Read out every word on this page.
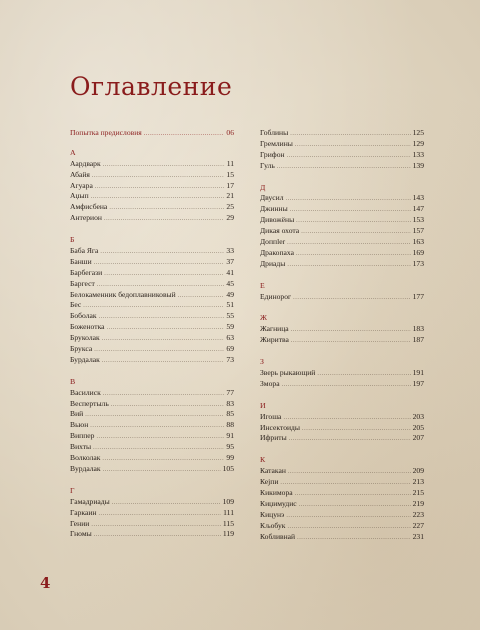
Оглавление
Попытка предисловия .....	06
А
Аардварк .....	11
Абайя .....	15
Агуара .....	17
Аџып .....	21
Амфисбена .....	25
Антерион .....	29
Б
Баба Яга .....	33
Банши .....	37
Барбегази .....	41
Баргест .....	45
Белокаменник бедоплавниковый .....	49
Бес .....	51
Бобол​ак .....	55
Боженотка .....	59
Брукол​ак .....	63
Брукса .....	69
Бурдал​ак .....	73
В
Василиск .....	77
Веспертыль .....	83
Вий .....	85
Вьюн .....	88
Виппер .....	91
Вихты .....	95
Волкол​ак .....	99
Вурдал​ак .....	105
Г
Гамадриады .....	109
Гаркаин .....	111
Гении .....	115
Гномы .....	119
Гоблины .....	125
Гремлины .....	129
Грифон .....	133
Гуль .....	139
Д
Двусил .....	143
Джинны .....	147
Дивожёны .....	153
Дикая охота .....	157
Доппler .....	163
Дракопаха .....	169
Дриады .....	173
Е
Единорог .....	177
Ж
Жагница .....	183
Жиритва .....	187
З
Зверь рыкающий .....	191
Змора .....	197
И
Игоша .....	203
Инсектоиды .....	205
Ифриты .....	207
К
Катакан .....	209
Кејпи .....	213
Кикимора .....	215
Киџимудис .....	219
Кицунэ .....	223
Кљобук .....	227
Кобливнай .....	231
4
